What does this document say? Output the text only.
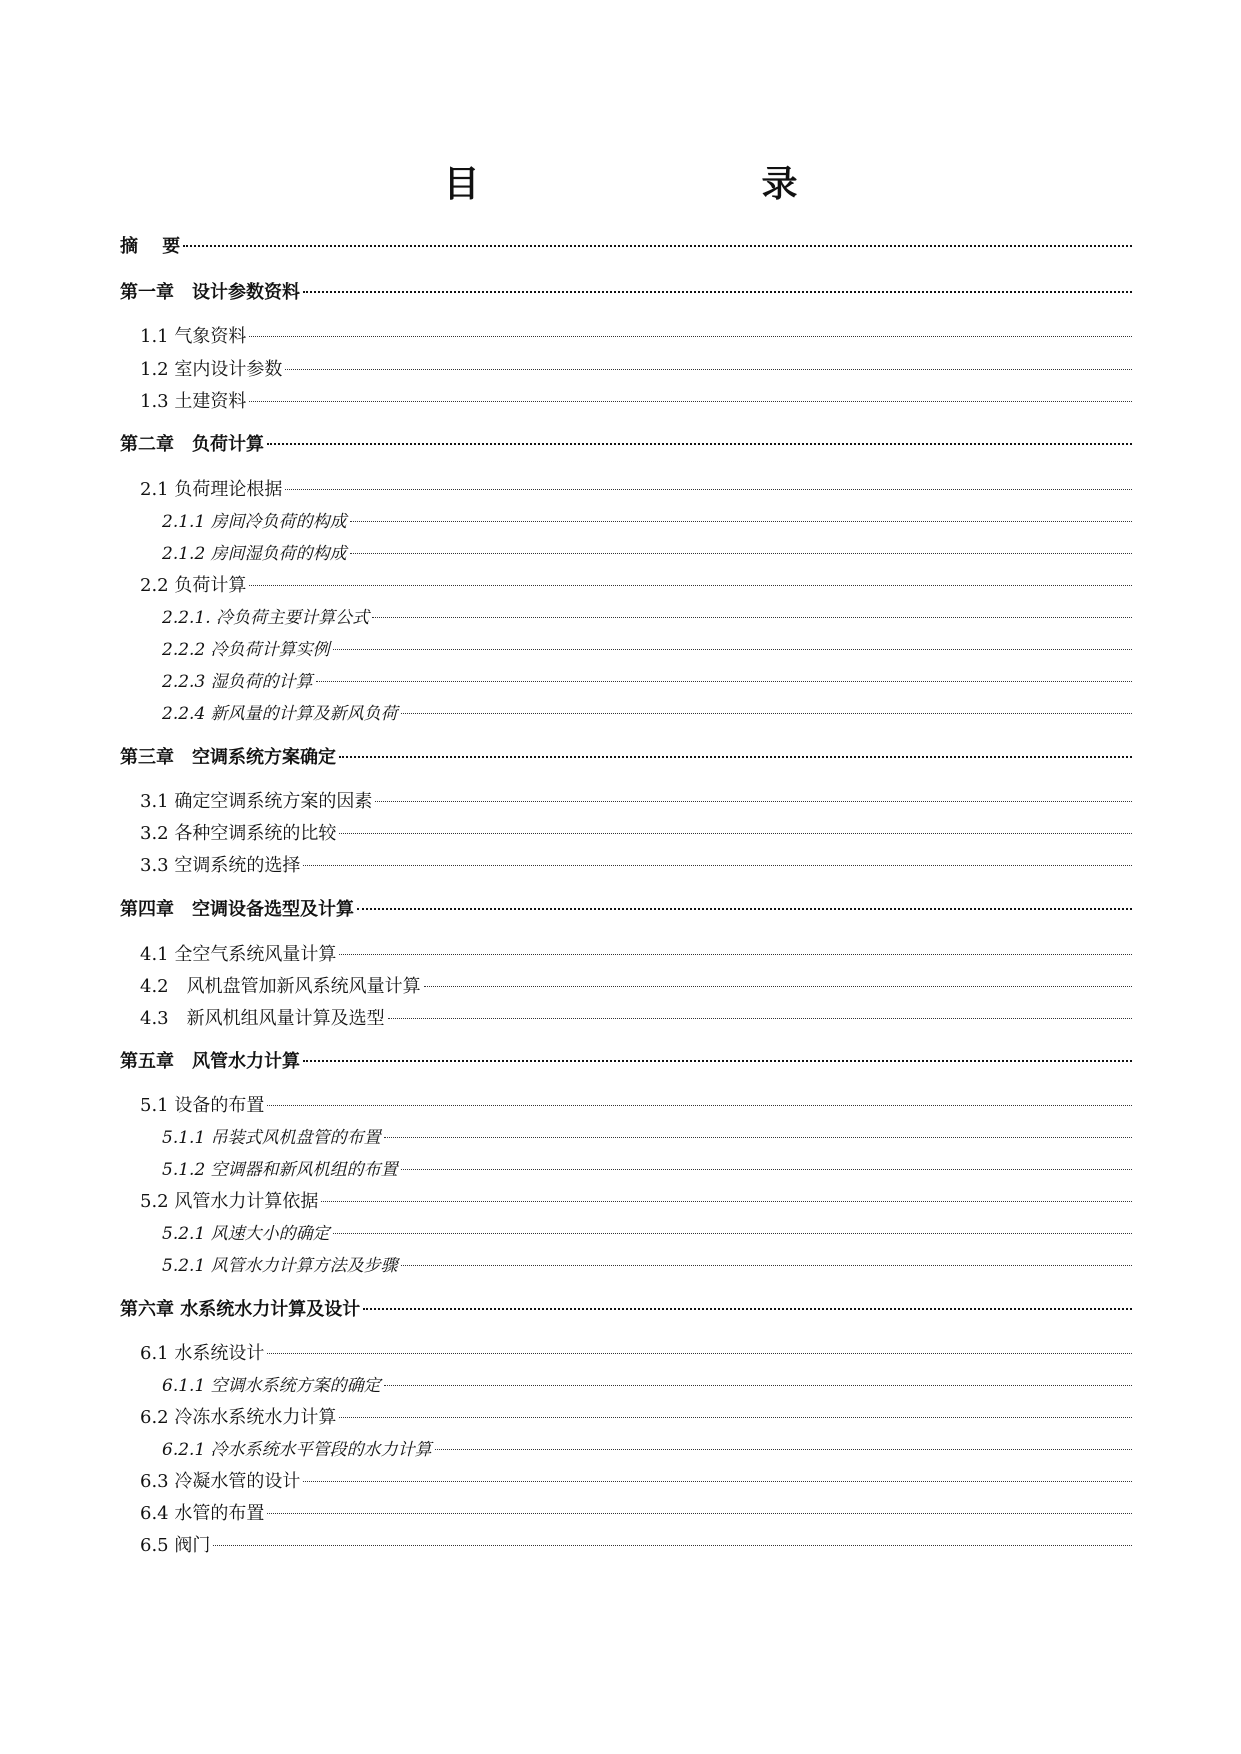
目　　录
摘　 要
第一章　设计参数资料
1.1 气象资料
1.2 室内设计参数
1.3 土建资料
第二章　负荷计算
2.1 负荷理论根据
2.1.1 房间冷负荷的构成
2.1.2 房间湿负荷的构成
2.2 负荷计算
2.2.1. 冷负荷主要计算公式
2.2.2 冷负荷计算实例
2.2.3 湿负荷的计算
2.2.4 新风量的计算及新风负荷
第三章　空调系统方案确定
3.1 确定空调系统方案的因素
3.2 各种空调系统的比较
3.3 空调系统的选择
第四章　空调设备选型及计算
4.1 全空气系统风量计算
4.2　风机盘管加新风系统风量计算
4.3　新风机组风量计算及选型
第五章　风管水力计算
5.1 设备的布置
5.1.1 吊装式风机盘管的布置
5.1.2 空调器和新风机组的布置
5.2 风管水力计算依据
5.2.1 风速大小的确定
5.2.1 风管水力计算方法及步骤
第六章 水系统水力计算及设计
6.1 水系统设计
6.1.1 空调水系统方案的确定
6.2 冷冻水系统水力计算
6.2.1 冷水系统水平管段的水力计算
6.3 冷凝水管的设计
6.4 水管的布置
6.5 阀门
